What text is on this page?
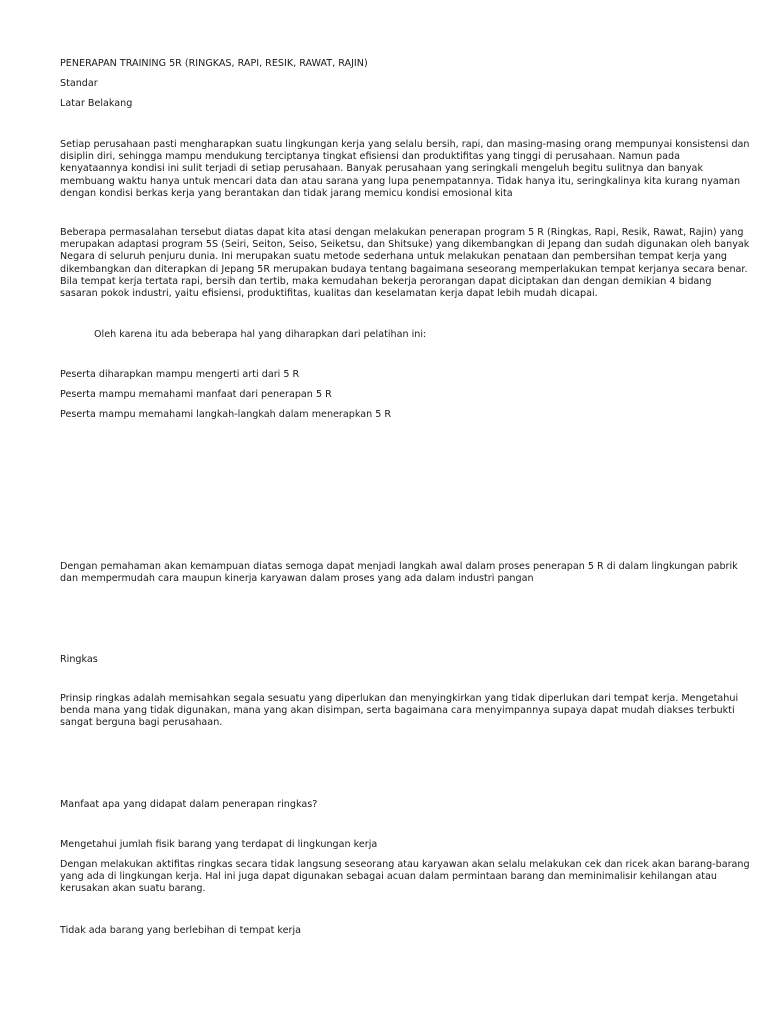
PENERAPAN TRAINING 5R (RINGKAS, RAPI, RESIK, RAWAT, RAJIN)
Standar
Latar Belakang
Setiap perusahaan pasti mengharapkan suatu lingkungan kerja yang selalu bersih, rapi, dan masing-masing orang mempunyai konsistensi dan
disiplin diri, sehingga mampu mendukung terciptanya tingkat efisiensi dan produktifitas yang tinggi di perusahaan. Namun pada
kenyataannya kondisi ini sulit terjadi di setiap perusahaan. Banyak perusahaan yang seringkali mengeluh begitu sulitnya dan banyak
membuang waktu hanya untuk mencari data dan atau sarana yang lupa penempatannya. Tidak hanya itu, seringkalinya kita kurang nyaman
dengan kondisi berkas kerja yang berantakan dan tidak jarang memicu kondisi emosional kita
Beberapa permasalahan tersebut diatas dapat kita atasi dengan melakukan penerapan program 5 R (Ringkas, Rapi, Resik, Rawat, Rajin) yang
merupakan adaptasi program 5S (Seiri, Seiton, Seiso, Seiketsu, dan Shitsuke) yang dikembangkan di Jepang dan sudah digunakan oleh banyak
Negara di seluruh penjuru dunia. Ini merupakan suatu metode sederhana untuk melakukan penataan dan pembersihan tempat kerja yang
dikembangkan dan diterapkan di Jepang 5R merupakan budaya tentang bagaimana seseorang memperlakukan tempat kerjanya secara benar.
Bila tempat kerja tertata rapi, bersih dan tertib, maka kemudahan bekerja perorangan dapat diciptakan dan dengan demikian 4 bidang
sasaran pokok industri, yaitu efisiensi, produktifitas, kualitas dan keselamatan kerja dapat lebih mudah dicapai.
Oleh karena itu ada beberapa hal yang diharapkan dari pelatihan ini:
Peserta diharapkan mampu mengerti arti dari 5 R
Peserta mampu memahami manfaat dari penerapan 5 R
Peserta mampu memahami langkah-langkah dalam menerapkan 5 R
Dengan pemahaman akan kemampuan diatas semoga dapat menjadi langkah awal dalam proses penerapan 5 R di dalam lingkungan pabrik
dan mempermudah cara maupun kinerja karyawan dalam proses yang ada dalam industri pangan
Ringkas
Prinsip ringkas adalah memisahkan segala sesuatu yang diperlukan dan menyingkirkan yang tidak diperlukan dari tempat kerja. Mengetahui
benda mana yang tidak digunakan, mana yang akan disimpan, serta bagaimana cara menyimpannya supaya dapat mudah diakses terbukti
sangat berguna bagi perusahaan.
Manfaat apa yang didapat dalam penerapan ringkas?
Mengetahui jumlah fisik barang yang terdapat di lingkungan kerja
Dengan melakukan aktifitas ringkas secara tidak langsung seseorang atau karyawan akan selalu melakukan cek dan ricek akan barang-barang
yang ada di lingkungan kerja. Hal ini juga dapat digunakan sebagai acuan dalam permintaan barang dan meminimalisir kehilangan atau
kerusakan akan suatu barang.
Tidak ada barang yang berlebihan di tempat kerja
